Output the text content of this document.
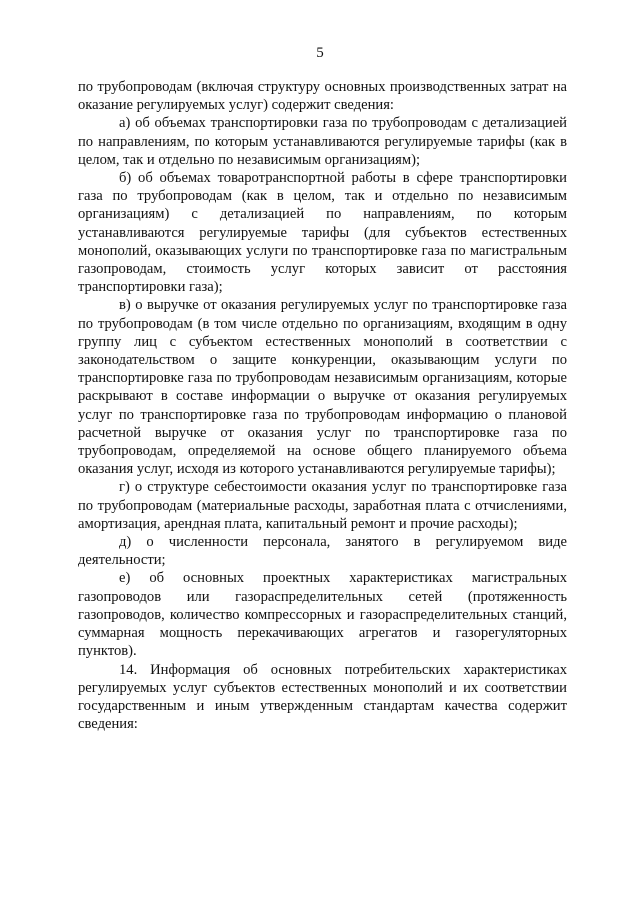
5

по трубопроводам (включая структуру основных производственных затрат на оказание регулируемых услуг) содержит сведения:

а) об объемах транспортировки газа по трубопроводам с детализацией по направлениям, по которым устанавливаются регулируемые тарифы (как в целом, так и отдельно по независимым организациям);

б) об объемах товаротранспортной работы в сфере транспортировки газа по трубопроводам (как в целом, так и отдельно по независимым организациям) с детализацией по направлениям, по которым устанавливаются регулируемые тарифы (для субъектов естественных монополий, оказывающих услуги по транспортировке газа по магистральным газопроводам, стоимость услуг которых зависит от расстояния транспортировки газа);

в) о выручке от оказания регулируемых услуг по транспортировке газа по трубопроводам (в том числе отдельно по организациям, входящим в одну группу лиц с субъектом естественных монополий в соответствии с законодательством о защите конкуренции, оказывающим услуги по транспортировке газа по трубопроводам независимым организациям, которые раскрывают в составе информации о выручке от оказания регулируемых услуг по транспортировке газа по трубопроводам информацию о плановой расчетной выручке от оказания услуг по транспортировке газа по трубопроводам, определяемой на основе общего планируемого объема оказания услуг, исходя из которого устанавливаются регулируемые тарифы);

г) о структуре себестоимости оказания услуг по транспортировке газа по трубопроводам (материальные расходы, заработная плата с отчислениями, амортизация, арендная плата, капитальный ремонт и прочие расходы);

д) о численности персонала, занятого в регулируемом виде деятельности;

е) об основных проектных характеристиках магистральных газопроводов или газораспределительных сетей (протяженность газопроводов, количество компрессорных и газораспределительных станций, суммарная мощность перекачивающих агрегатов и газорегуляторных пунктов).

14. Информация об основных потребительских характеристиках регулируемых услуг субъектов естественных монополий и их соответствии государственным и иным утвержденным стандартам качества содержит сведения:
